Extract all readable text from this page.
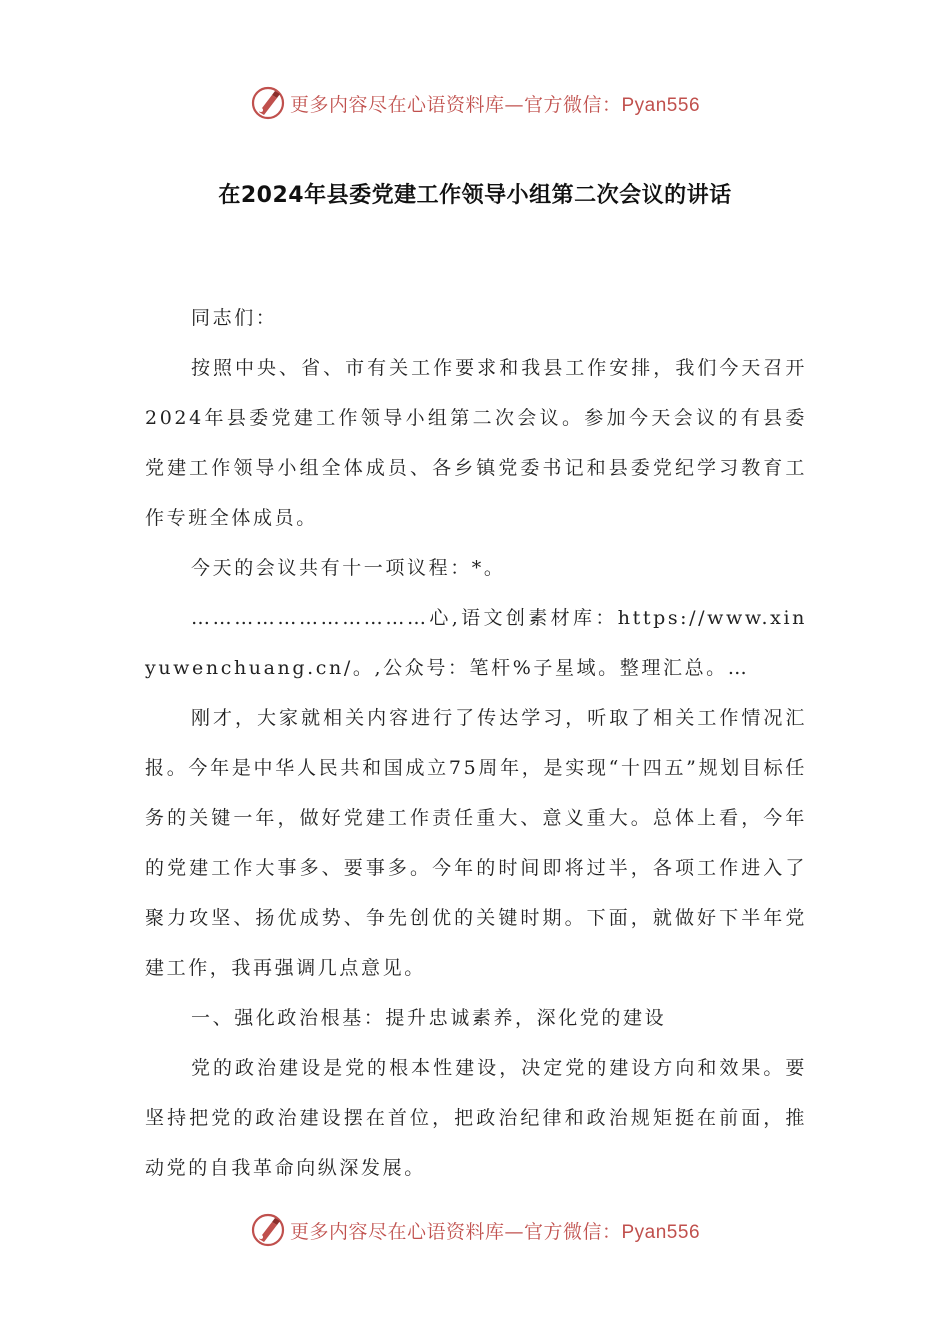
更多内容尽在心语资料库—官方微信：Pyan556
在2024年县委党建工作领导小组第二次会议的讲话

同志们：

按照中央、省、市有关工作要求和我县工作安排，我们今天召开2024年县委党建工作领导小组第二次会议。参加今天会议的有县委党建工作领导小组全体成员、各乡镇党委书记和县委党纪学习教育工作专班全体成员。

今天的会议共有十一项议程：*。

……………………………心,语文创素材库：https://www.xinyuwenchuang.cn/。,公众号：笔杆%子星域。整理汇总。…

刚才，大家就相关内容进行了传达学习，听取了相关工作情况汇报。今年是中华人民共和国成立75周年，是实现“十四五”规划目标任务的关键一年，做好党建工作责任重大、意义重大。总体上看，今年的党建工作大事多、要事多。今年的时间即将过半，各项工作进入了聚力攻坚、扬优成势、争先创优的关键时期。下面，就做好下半年党建工作，我再强调几点意见。

一、强化政治根基：提升忠诚素养，深化党的建设

党的政治建设是党的根本性建设，决定党的建设方向和效果。要坚持把党的政治建设摆在首位，把政治纪律和政治规矩挺在前面，推动党的自我革命向纵深发展。

更多内容尽在心语资料库—官方微信：Pyan556
